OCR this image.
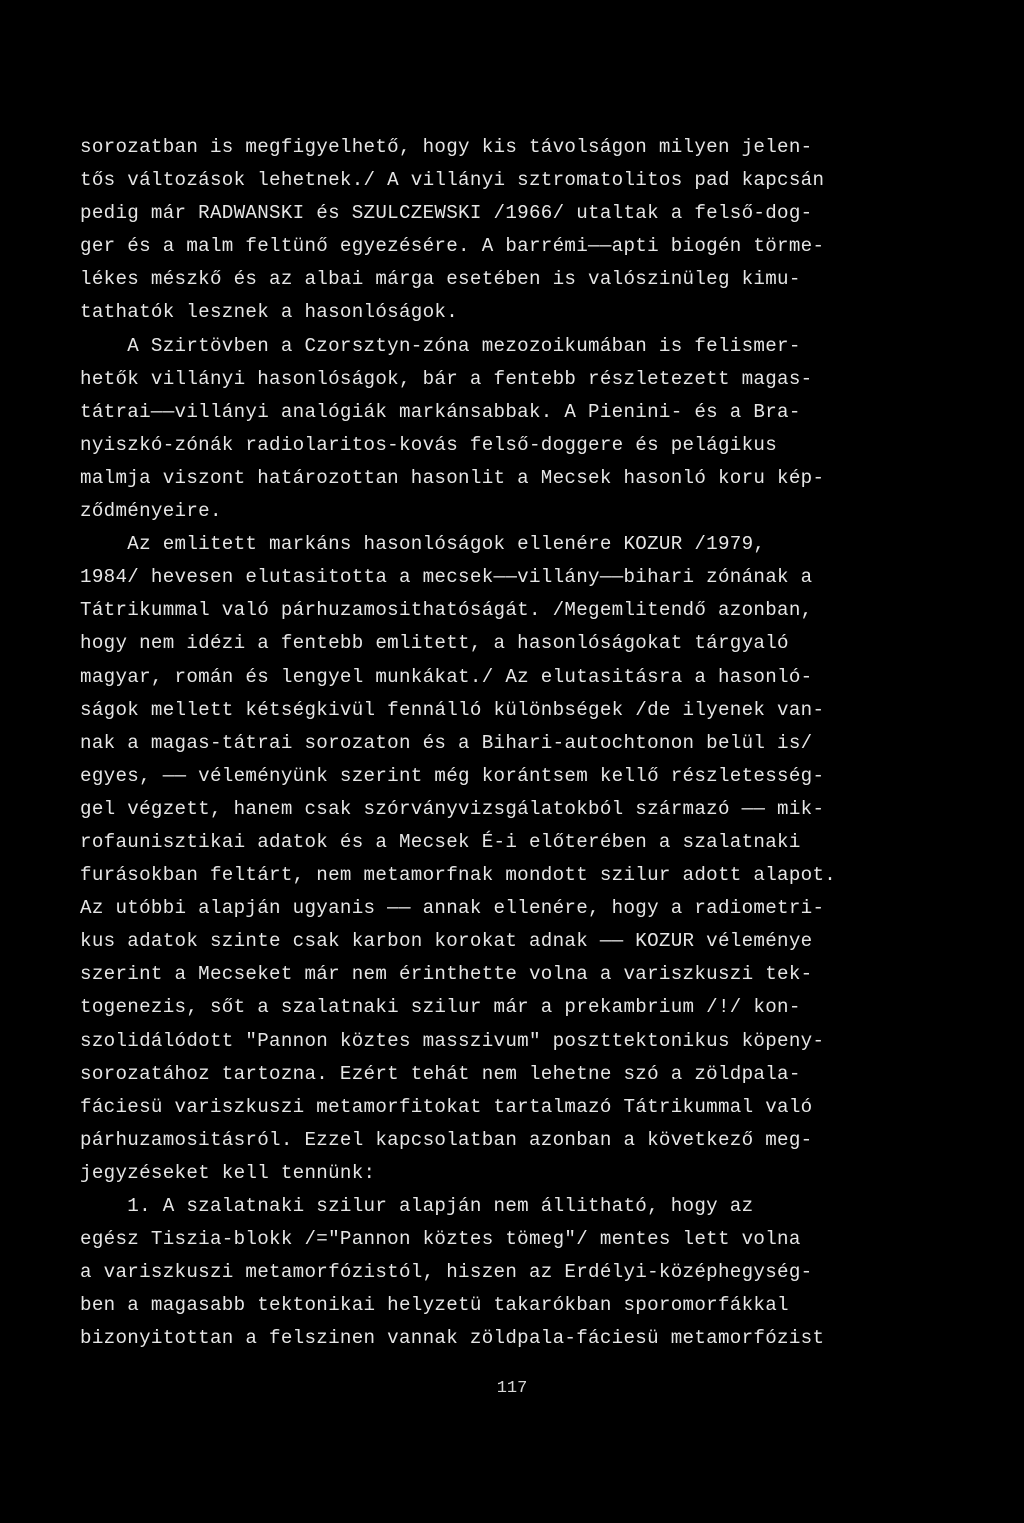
sorozatban is megfigyelhető, hogy kis távolságon milyen jelen-
tős változások lehetnek./ A villányi sztromatolitos pad kapcsán
pedig már RADWANSKI és SZULCZEWSKI /1966/ utaltak a felső-dog-
ger és a malm feltünő egyezésére. A barrémi——apti biogén törme-
lékes mészkő és az albai márga esetében is valószinüleg kimu-
tathatók lesznek a hasonlóságok.
A Szirtövben a Czorsztyn-zóna mezozoikumában is felismer-
hetők villányi hasonlóságok, bár a fentebb részletezett magas-
tátrai——villányi analógiák markánsabbak. A Pienini- és a Bra-
nyiszkó-zónák radiolaritos-kovás felső-doggere és pelágikus
malmja viszont határozottan hasonlit a Mecsek hasonló koru kép-
ződményeire.
Az emlitett markáns hasonlóságok ellenére KOZUR /1979,
1984/ hevesen elutasitotta a mecsek——villány——bihari zónának a
Tátrikummal való párhuzamosithatóságát. /Megemlitendő azonban,
hogy nem idézi a fentebb emlitett, a hasonlóságokat tárgyaló
magyar, román és lengyel munkákat./ Az elutasitásra a hasonló-
ságok mellett kétségkivül fennálló különbségek /de ilyenek van-
nak a magas-tátrai sorozaton és a Bihari-autochtonon belül is/
egyes, —— véleményünk szerint még korántsem kellő részletesség-
gel végzett, hanem csak szórványvizsgálatokból származó —— mik-
rofaunisztikai adatok és a Mecsek É-i előterében a szalatnaki
furásokban feltárt, nem metamorfnak mondott szilur adott alapot.
Az utóbbi alapján ugyanis —— annak ellenére, hogy a radiometri-
kus adatok szinte csak karbon korokat adnak —— KOZUR véleménye
szerint a Mecseket már nem érinthette volna a variszkuszi tek-
togenezis, sőt a szalatnaki szilur már a prekambrium /!/ kon-
szolidálódott "Pannon köztes masszivum" poszttektonikus köpeny-
sorozatához tartozna. Ezért tehát nem lehetne szó a zöldpala-
fáciesü variszkuszi metamorfitokat tartalmazó Tátrikummal való
párhuzamositásról. Ezzel kapcsolatban azonban a következő meg-
jegyzéseket kell tennünk:
1. A szalatnaki szilur alapján nem állitható, hogy az
egész Tiszia-blokk /="Pannon köztes tömeg"/ mentes lett volna
a variszkuszi metamorfózistól, hiszen az Erdélyi-középhegység-
ben a magasabb tektonikai helyzetü takarókban sporomorfákkal
bizonyitottan a felszinen vannak zöldpala-fáciesü metamorfózist
117
